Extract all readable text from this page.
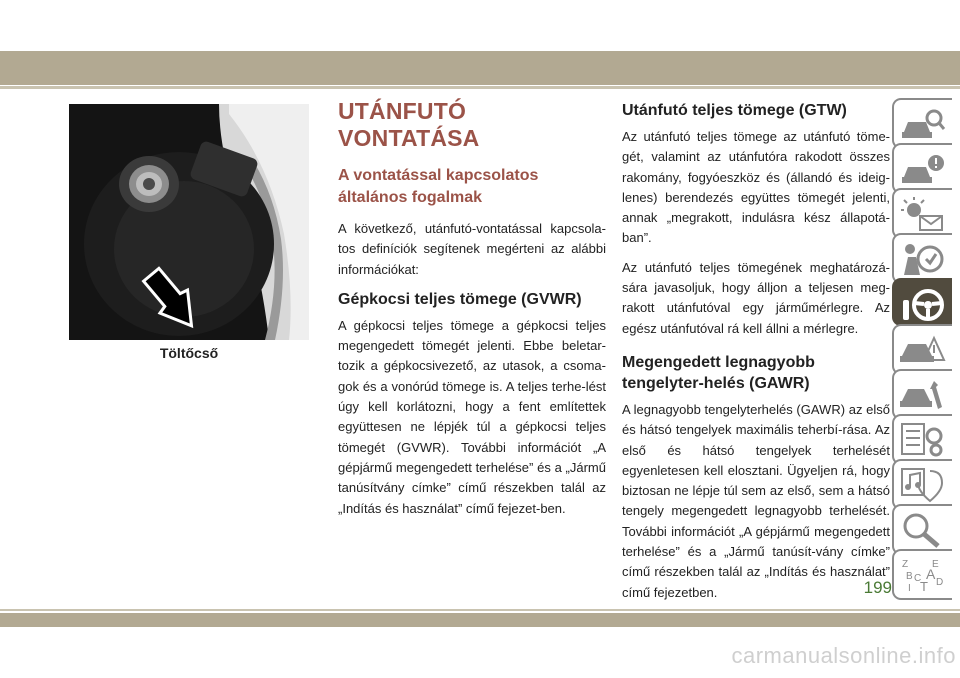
Töltőcső
UTÁNFUTÓ VONTATÁSA
A vontatással kapcsolatos általános fogalmak

A következő, utánfutó-vontatással kapcsola-tos definíciók segítenek megérteni az alábbi információkat:

Gépkocsi teljes tömege (GVWR)

A gépkocsi teljes tömege a gépkocsi teljes megengedett tömegét jelenti. Ebbe beletar-tozik a gépkocsivezető, az utasok, a csoma-gok és a vonórúd tömege is. A teljes terhe-lést úgy kell korlátozni, hogy a fent említettek együttesen ne lépjék túl a gépkocsi teljes tömegét (GVWR). További információt „A gépjármű megengedett terhelése” és a „Jármű tanúsítvány címke” című részekben talál az „Indítás és használat” című fejezet-ben.

Utánfutó teljes tömege (GTW)

Az utánfutó teljes tömege az utánfutó töme-gét, valamint az utánfutóra rakodott összes rakomány, fogyóeszköz és (állandó és ideig-lenes) berendezés együttes tömegét jelenti, annak „megrakott, indulásra kész állapotá-ban”.

Az utánfutó teljes tömegének meghatározá-sára javasoljuk, hogy álljon a teljesen meg-rakott utánfutóval egy járműmérlegre. Az egész utánfutóval rá kell állni a mérlegre.

Megengedett legnagyobb tengelyter-helés (GAWR)

A legnagyobb tengelyterhelés (GAWR) az első és hátsó tengelyek maximális teherbí-rása. Az első és hátsó tengelyek terhelését egyenletesen kell elosztani. Ügyeljen rá, hogy biztosan ne lépje túl sem az első, sem a hátsó tengely megengedett legnagyobb terhelését. További információt „A gépjármű megengedett terhelése” és a „Jármű tanúsít-vány címke” című részekben talál az „Indítás és használat” című fejezetben.

Z E
B A
C
T D
I
199
carmanualsonline.info
